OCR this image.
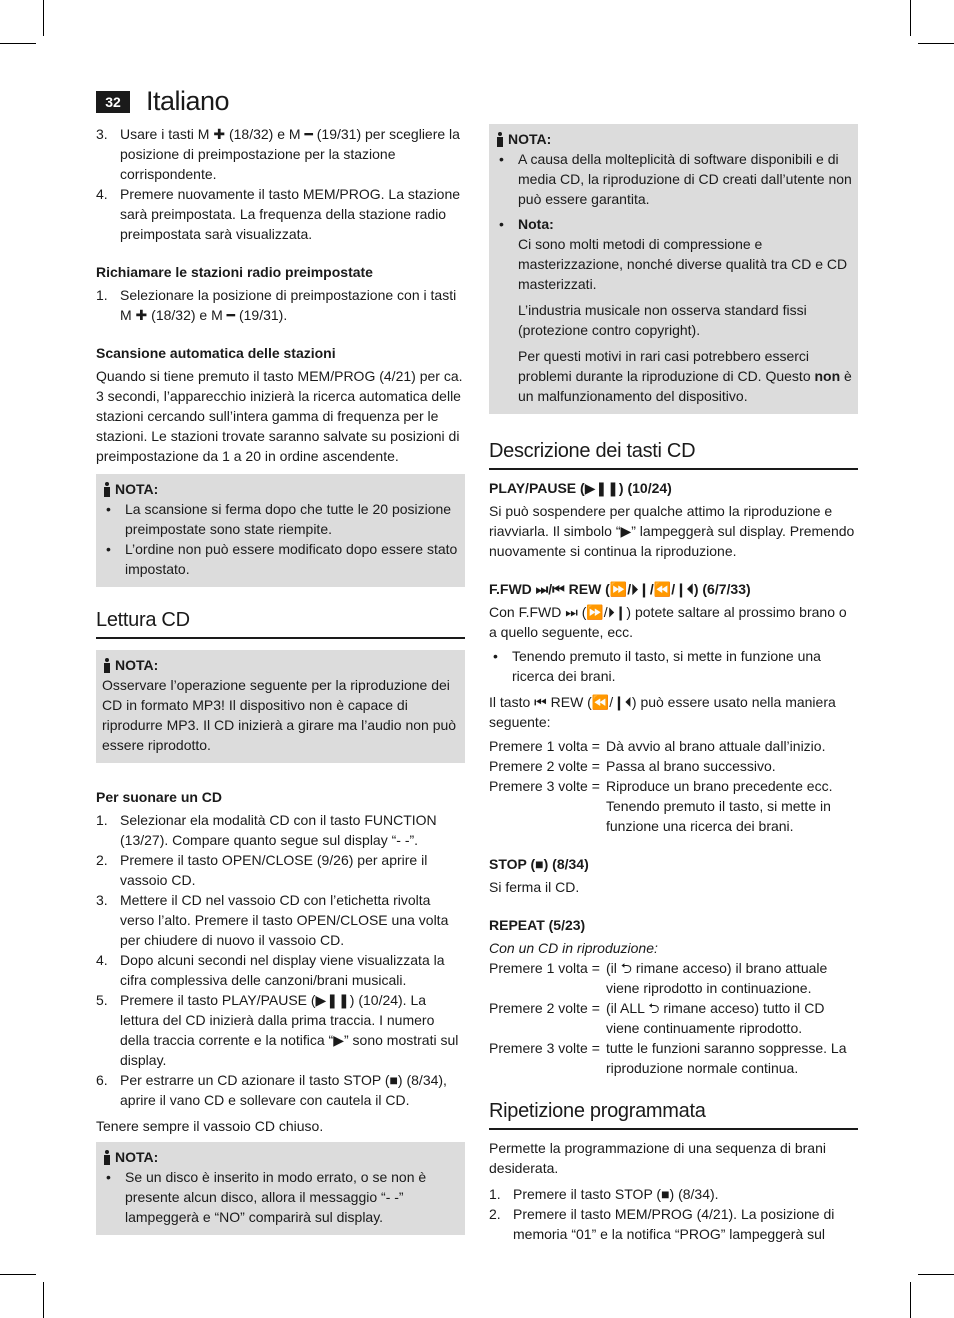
32 Italiano
3. Usare i tasti M ✚ (18/32) e M ━ (19/31) per scegliere la posizione di preimpostazione per la stazione corrispondente.
4. Premere nuovamente il tasto MEM/PROG. La stazione sarà preimpostata. La frequenza della stazione radio preimpostata sarà visualizzata.

Richiamare le stazioni radio preimpostate

1. Selezionare la posizione di preimpostazione con i tasti M ✚ (18/32) e M ━ (19/31).

Scansione automatica delle stazioni

Quando si tiene premuto il tasto MEM/PROG (4/21) per ca. 3 secondi, l’apparecchio inizierà la ricerca automatica delle stazioni cercando sull’intera gamma di frequenza per le stazioni. Le stazioni trovate saranno salvate su posizioni di preimpostazione da 1 a 20 in ordine ascendente.

NOTA:
• La scansione si ferma dopo che tutte le 20 posizione preimpostate sono state riempite.
• L’ordine non può essere modificato dopo essere stato impostato.

Lettura CD

NOTA:

Osservare l’operazione seguente per la riproduzione dei CD in formato MP3! Il dispositivo non è capace di riprodurre MP3. Il CD inizierà a girare ma l’audio non può essere riprodotto.

Per suonare un CD

1. Selezionar ela modalità CD con il tasto FUNCTION (13/27). Compare quanto segue sul display “- -”.
2. Premere il tasto OPEN/CLOSE (9/26) per aprire il vassoio CD.
3. Mettere il CD nel vassoio CD con l’etichetta rivolta verso l’alto. Premere il tasto OPEN/CLOSE una volta per chiudere di nuovo il vassoio CD.
4. Dopo alcuni secondi nel display viene visualizzata la cifra complessiva delle canzoni/brani musicali.
5. Premere il tasto PLAY/PAUSE (▶❚❚) (10/24). La lettura del CD inizierà dalla prima traccia. I numero della traccia corrente e la notifica “▶” sono mostrati sul display.
6. Per estrarre un CD azionare il tasto STOP (■) (8/34), aprire il vano CD e sollevare con cautela il CD.

Tenere sempre il vassoio CD chiuso.

NOTA:
• Se un disco è inserito in modo errato, o se non è presente alcun disco, allora il messaggio “- -” lampeggerà e “NO” comparirà sul display.
NOTA:
• A causa della molteplicità di software disponibili e di media CD, la riproduzione di CD creati dall’utente non può essere garantita.

• Nota:

Ci sono molti metodi di compressione e masterizzazione, nonché diverse qualità tra CD e CD masterizzati.

L’industria musicale non osserva standard fissi (protezione contro copyright).

Per questi motivi in rari casi potrebbero esserci problemi durante la riproduzione di CD. Questo non è un malfunzionamento del dispositivo.

Descrizione dei tasti CD

PLAY/PAUSE (▶❚❚) (10/24)

Si può sospendere per qualche attimo la riproduzione e riavviarla. Il simbolo “▶” lampeggerà sul display. Premendo nuovamente si continua la riproduzione.

F.FWD ⏭/⏮ REW (⏩/⏵❙/⏪/❙⏴) (6/7/33)

Con F.FWD ⏭ (⏩/⏵❙) potete saltare al prossimo brano o a quello seguente, ecc.

• Tenendo premuto il tasto, si mette in funzione una ricerca dei brani.

Il tasto ⏮ REW (⏪/❙⏴) può essere usato nella maniera seguente:

Premere 1 volta = Dà avvio al brano attuale dall’inizio.
Premere 2 volte = Passa al brano successivo.
Premere 3 volte = Riproduce un brano precedente ecc. Tenendo premuto il tasto, si mette in funzione una ricerca dei brani.

STOP (■) (8/34)

Si ferma il CD.

REPEAT (5/23)

Con un CD in riproduzione:

Premere 1 volta = (il ⮌ rimane acceso) il brano attuale viene riprodotto in continuazione.
Premere 2 volte = (il ALL ⮌ rimane acceso) tutto il CD viene continuamente riprodotto.
Premere 3 volte = tutte le funzioni saranno soppresse. La riproduzione normale continua.

Ripetizione programmata

Permette la programmazione di una sequenza di brani desiderata.

1. Premere il tasto STOP (■) (8/34).
2. Premere il tasto MEM/PROG (4/21). La posizione di memoria “01” e la notifica “PROG” lampeggerà sul
